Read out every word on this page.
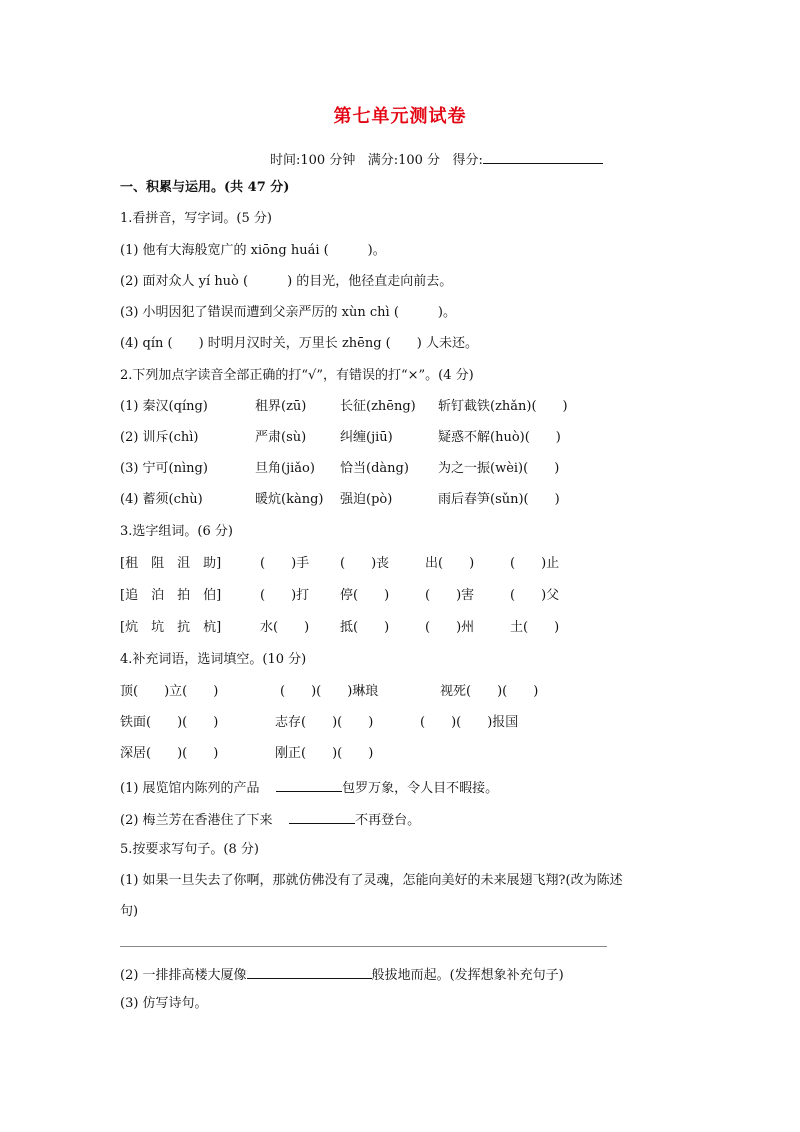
第七单元测试卷
时间:100 分钟 满分:100 分 得分:
一、积累与运用。(共 47 分)
1.看拼音，写字词。(5 分)
(1) 他有大海般宽广的 xiōng huái (　　　)。
(2) 面对众人 yí huò (　　　) 的目光，他径直走向前去。
(3) 小明因犯了错误而遭到父亲严厉的 xùn chì (　　　)。
(4) qín (　　) 时明月汉时关，万里长 zhēng (　　) 人未还。
2.下列加点字读音全部正确的打“√”，有错误的打“×”。(4 分)
(1) 秦汉(qíng)	租界(zū)	长征(zhēng) 斩钉截铁(zhǎn)(　　)
(2) 训斥(chì)	严肃(sù)	纠缠(jiū)	疑惑不解(huò)(　　)
(3) 宁可(nìng)	旦角(jiǎo) 恰当(dàng) 为之一振(wèi)(　　)
(4) 蓄须(chù)	暖炕(kàng) 强迫(pò)	雨后春笋(sǔn)(　　)
3.选字组词。(6 分)
[租　阻　沮　助]	(　　)手 (　　)丧	出(　　)	(　　)止
[追　泊　拍　伯]	(　　)打 停(　　)	(　　)害	(　　)父
[炕　坑　抗　杭]	水(　　) 抵(　　)	(　　)州	土(　　)
4.补充词语，选词填空。(10 分)
顶(　　)立(　　)	(　　)(　　)琳琅	视死(　　)(　　)
铁面(　　)(　　)	志存(　　)(　　)	(　　)(　　)报国
深居(　　)(　　)	刚正(　　)(　　)
(1) 展览馆内陈列的产品	包罗万象，令人目不暇接。
(2) 梅兰芳在香港住了下来	不再登台。
5.按要求写句子。(8 分)
(1) 如果一旦失去了你啊，那就仿佛没有了灵魂，怎能向美好的未来展翅飞翔?(改为陈述
句)
(2) 一排排高楼大厦像	般拔地而起。(发挥想象补充句子)
(3) 仿写诗句。
